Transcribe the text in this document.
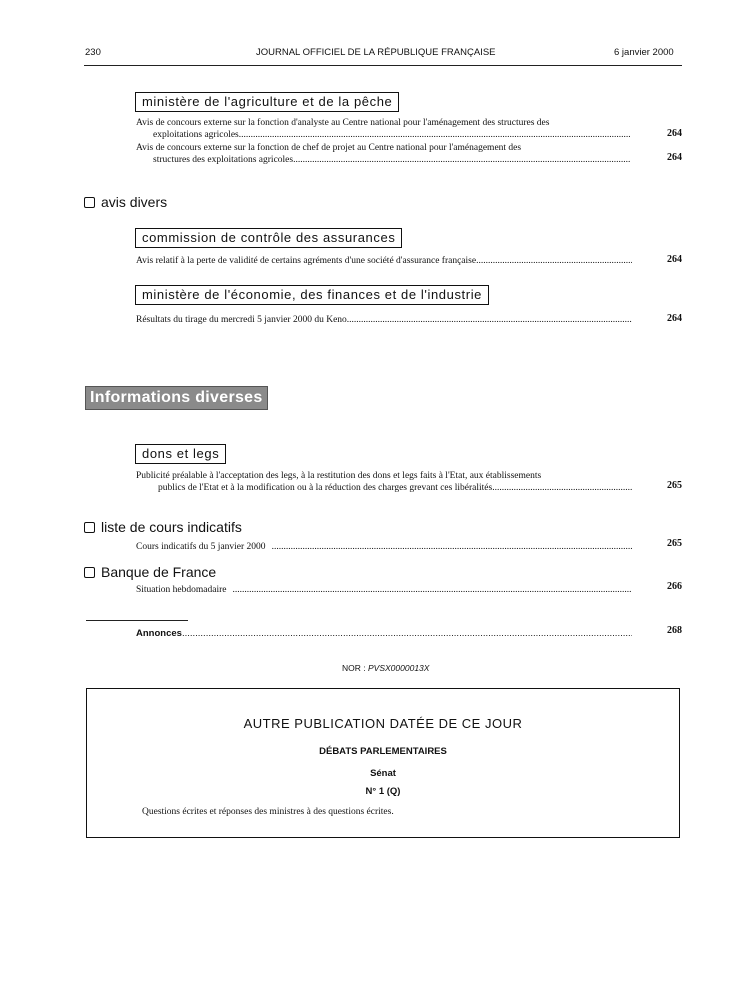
230	JOURNAL OFFICIEL DE LA RÉPUBLIQUE FRANÇAISE	6 janvier 2000
ministère de l'agriculture et de la pêche
Avis de concours externe sur la fonction d'analyste au Centre national pour l'aménagement des structures des
exploitations agricoles .....	264
Avis de concours externe sur la fonction de chef de projet au Centre national pour l'aménagement des
structures des exploitations agricoles .....	264
avis divers
commission de contrôle des assurances
Avis relatif à la perte de validité de certains agréments d'une société d'assurance française .....	264
ministère de l'économie, des finances et de l'industrie
Résultats du tirage du mercredi 5 janvier 2000 du Keno .....	264
Informations diverses
dons et legs
Publicité préalable à l'acceptation des legs, à la restitution des dons et legs faits à l'Etat, aux établissements
publics de l'Etat et à la modification ou à la réduction des charges grevant ces libéralités .....	265
liste de cours indicatifs
Cours indicatifs du 5 janvier 2000 .....	265
Banque de France
Situation hebdomadaire .....	266
Annonces .....	268
NOR : PVSX0000013X
AUTRE PUBLICATION DATÉE DE CE JOUR
DÉBATS PARLEMENTAIRES
Sénat
N° 1 (Q)
Questions écrites et réponses des ministres à des questions écrites.
